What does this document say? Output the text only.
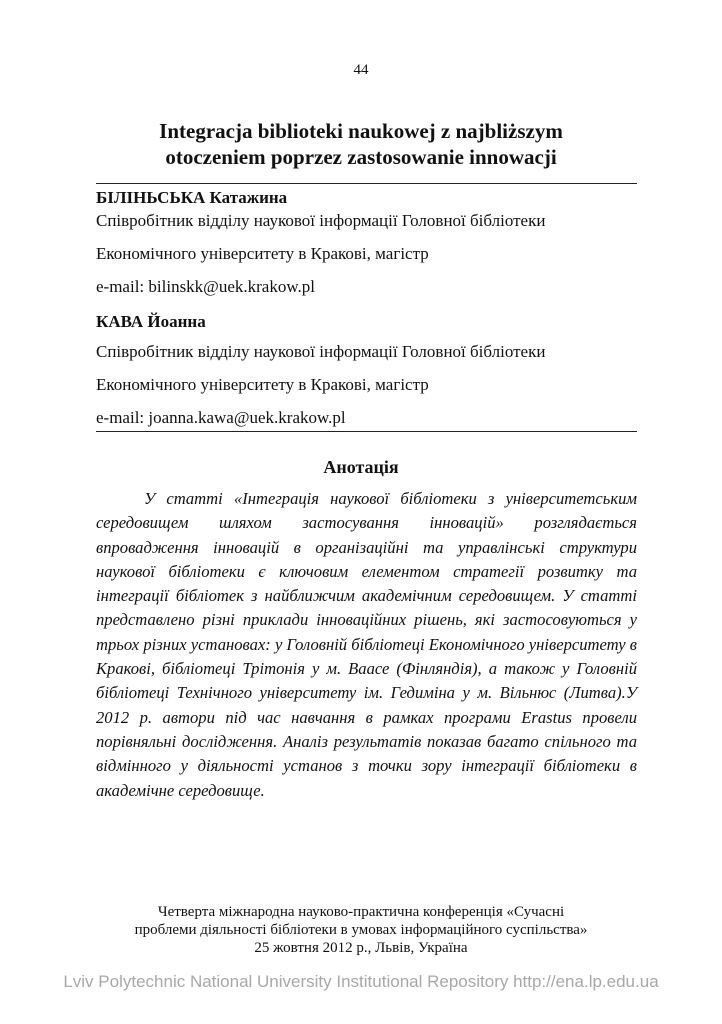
44
Integracja biblioteki naukowej z najbliższym
otoczeniem poprzez zastosowanie innowacji
БІЛІНЬСЬКА Катажина
Співробітник відділу наукової інформації Головної бібліотеки
Економічного університету в Кракові, магістр
e-mail: bilinskk@uek.krakow.pl
КАВА Йоанна
Співробітник відділу наукової інформації Головної бібліотеки
Економічного університету в Кракові, магістр
e-mail: joanna.kawa@uek.krakow.pl
Анотація

У статті «Інтеграція наукової бібліотеки з університетським середовищем шляхом застосування інновацій» розглядається впровадження інновацій в організаційні та управлінські структури наукової бібліотеки є ключовим елементом стратегії розвитку та інтеграції бібліотек з найближчим академічним середовищем. У статті представлено різні приклади інноваційних рішень, які застосовуються у трьох різних установах: у Головній бібліотеці Економічного університету в Кракові, бібліотеці Трітонія у м. Ваасе (Фінляндія), а також у Головній бібліотеці Технічного університету ім. Гедиміна у м. Вільнюс (Литва).У 2012 р. автори під час навчання в рамках програми Erastus провели порівняльні дослідження. Аналіз результатів показав багато спільного та відмінного у діяльності установ з точки зору інтеграції бібліотеки в академічне середовище.

Четверта міжнародна науково-практична конференція «Сучасні
проблеми діяльності бібліотеки в умовах інформаційного суспільства»
25 жовтня 2012 р., Львів, Україна
Lviv Polytechnic National University Institutional Repository http://ena.lp.edu.ua
